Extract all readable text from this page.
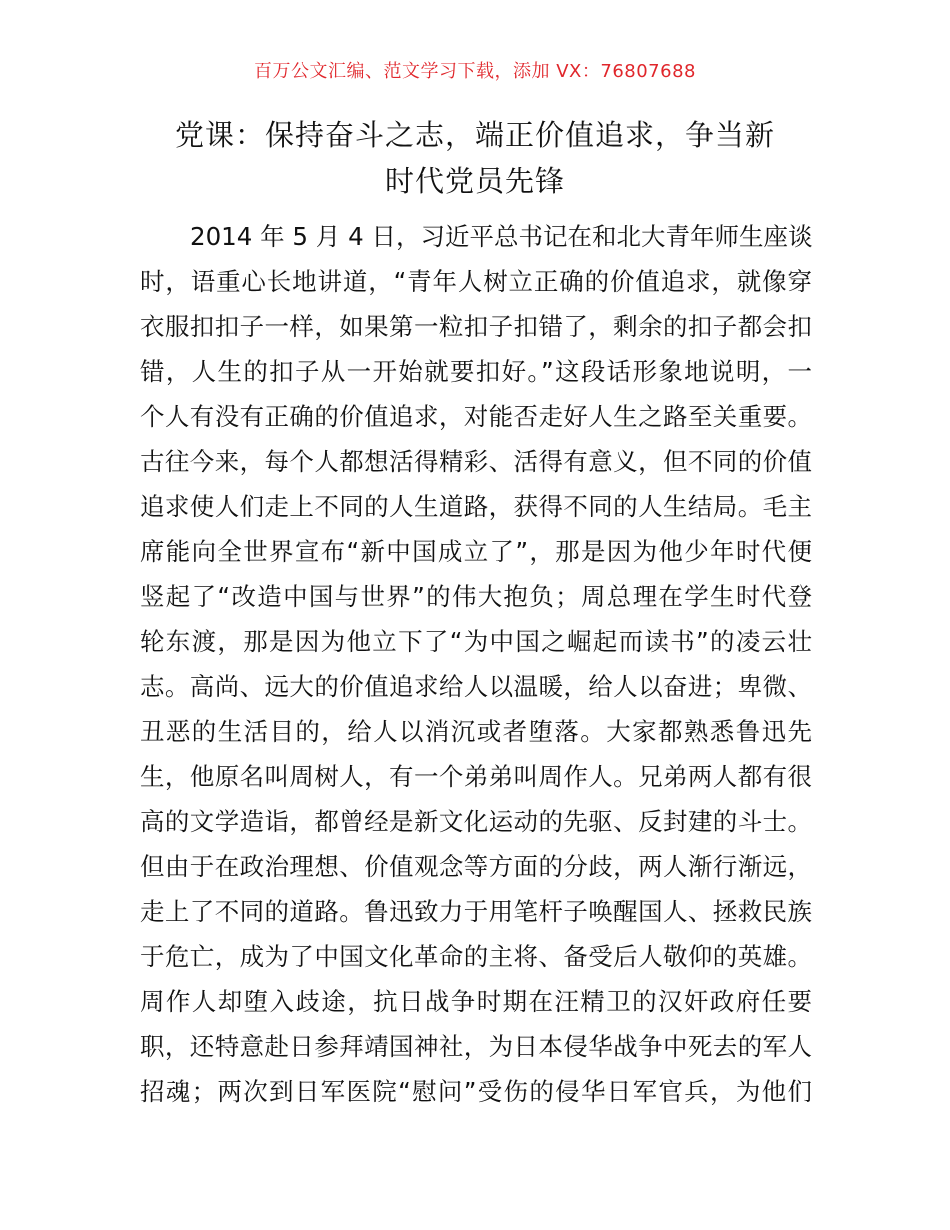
百万公文汇编、范文学习下载，添加 VX：76807688
党课：保持奋斗之志，端正价值追求，争当新
时代党员先锋
2014 年 5 月 4 日，习近平总书记在和北大青年师生座谈
时，语重心长地讲道，“青年人树立正确的价值追求，就像穿
衣服扣扣子一样，如果第一粒扣子扣错了，剩余的扣子都会扣
错，人生的扣子从一开始就要扣好。”这段话形象地说明，一
个人有没有正确的价值追求，对能否走好人生之路至关重要。
古往今来，每个人都想活得精彩、活得有意义，但不同的价值
追求使人们走上不同的人生道路，获得不同的人生结局。毛主
席能向全世界宣布“新中国成立了”，那是因为他少年时代便
竖起了“改造中国与世界”的伟大抱负；周总理在学生时代登
轮东渡，那是因为他立下了“为中国之崛起而读书”的凌云壮
志。高尚、远大的价值追求给人以温暖，给人以奋进；卑微、
丑恶的生活目的，给人以消沉或者堕落。大家都熟悉鲁迅先
生，他原名叫周树人，有一个弟弟叫周作人。兄弟两人都有很
高的文学造诣，都曾经是新文化运动的先驱、反封建的斗士。
但由于在政治理想、价值观念等方面的分歧，两人渐行渐远，
走上了不同的道路。鲁迅致力于用笔杆子唤醒国人、拯救民族
于危亡，成为了中国文化革命的主将、备受后人敬仰的英雄。
周作人却堕入歧途，抗日战争时期在汪精卫的汉奸政府任要
职，还特意赴日参拜靖国神社，为日本侵华战争中死去的军人
招魂；两次到日军医院“慰问”受伤的侵华日军官兵，为他们
